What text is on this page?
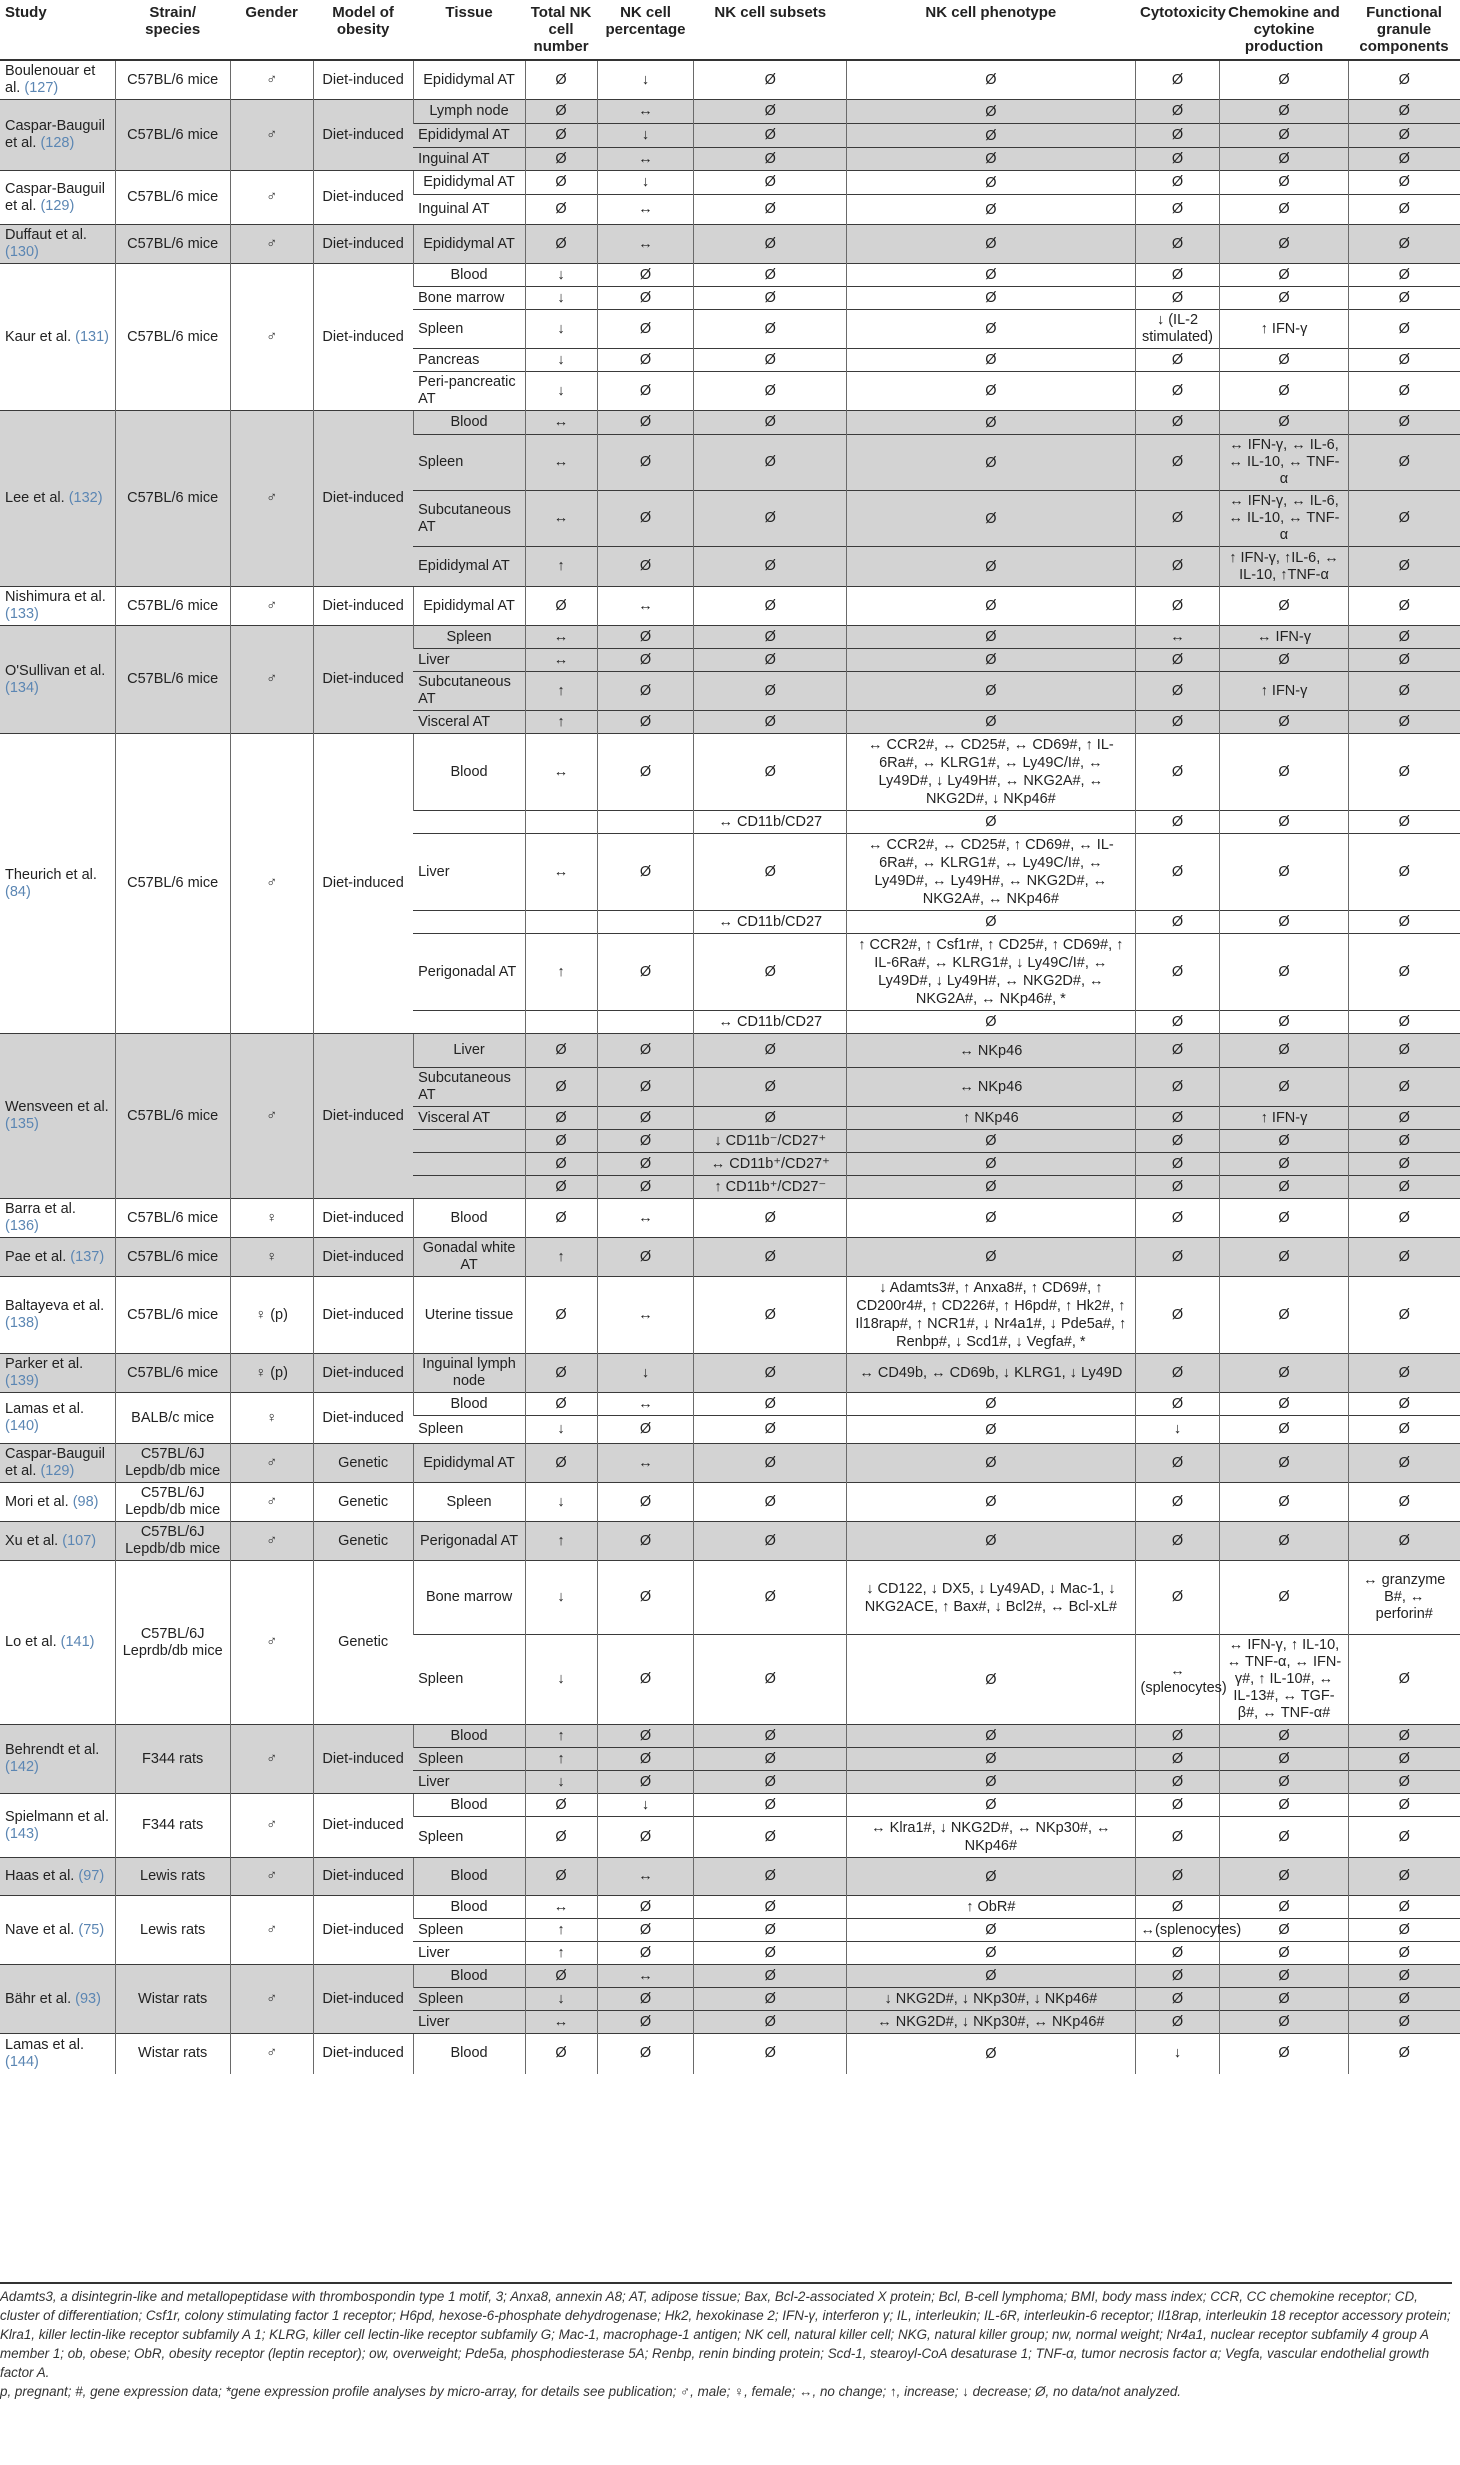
Study	Strain/ species	Gender	Model of obesity	Tissue	Total NK cell number	NK cell percentage	NK cell subsets	NK cell phenotype	Cytotoxicity	Chemokine and cytokine production	Functional granule components
Boulenouar et al. (127)	C57BL/6 mice	♂	Diet-induced	Epididymal AT	Ø	↓	Ø	Ø	Ø	Ø	Ø
Caspar-Bauguil et al. (128)	C57BL/6 mice	♂	Diet-induced	Lymph node	Ø	↔	Ø	Ø	Ø	Ø	Ø
				Epididymal AT	Ø	↓	Ø	Ø	Ø	Ø	Ø
				Inguinal AT	Ø	↔	Ø	Ø	Ø	Ø	Ø
Caspar-Bauguil et al. (129)	C57BL/6 mice	♂	Diet-induced	Epididymal AT	Ø	↓	Ø	Ø	Ø	Ø	Ø
				Inguinal AT	Ø	↔	Ø	Ø	Ø	Ø	Ø
Duffaut et al. (130)	C57BL/6 mice	♂	Diet-induced	Epididymal AT	Ø	↔	Ø	Ø	Ø	Ø	Ø
Kaur et al. (131)	C57BL/6 mice	♂	Diet-induced	Blood	↓	Ø	Ø	Ø	Ø	Ø	Ø
				Bone marrow	↓	Ø	Ø	Ø	Ø	Ø	Ø
				Spleen	↓	Ø	Ø	Ø	↓ (IL-2 stimulated)	↑ IFN-γ	Ø
				Pancreas	↓	Ø	Ø	Ø	Ø	Ø	Ø
				Peri-pancreatic AT	↓	Ø	Ø	Ø	Ø	Ø	Ø
Lee et al. (132)	C57BL/6 mice	♂	Diet-induced	Blood	↔	Ø	Ø	Ø	Ø	Ø	Ø
				Spleen	↔	Ø	Ø	Ø	Ø	↔ IFN-γ, ↔ IL-6, ↔ IL-10, ↔ TNF-α	Ø
				Subcutaneous AT	↔	Ø	Ø	Ø	Ø	↔ IFN-γ, ↔ IL-6, ↔ IL-10, ↔ TNF-α	Ø
				Epididymal AT	↑	Ø	Ø	Ø	Ø	↑ IFN-γ, ↑IL-6, ↔ IL-10, ↑TNF-α	Ø
Nishimura et al. (133)	C57BL/6 mice	♂	Diet-induced	Epididymal AT	Ø	↔	Ø	Ø	Ø	Ø	Ø
O'Sullivan et al. (134)	C57BL/6 mice	♂	Diet-induced	Spleen	↔	Ø	Ø	Ø	↔	↔ IFN-γ	Ø
				Liver	↔	Ø	Ø	Ø	Ø	Ø	Ø
				Subcutaneous AT	↑	Ø	Ø	Ø	Ø	↑ IFN-γ	Ø
				Visceral AT	↑	Ø	Ø	Ø	Ø	Ø	Ø
Theurich et al. (84)	C57BL/6 mice	♂	Diet-induced	Blood	↔	Ø	Ø	↔ CCR2#, ↔ CD25#, ↔ CD69#, ↑ IL-6Ra#, ↔ KLRG1#, ↔ Ly49C/I#, ↔ Ly49D#, ↓ Ly49H#, ↔ NKG2A#, ↔ NKG2D#, ↓ NKp46#	Ø	Ø	Ø
							↔ CD11b/CD27	Ø	Ø	Ø	Ø
				Liver	↔	Ø	Ø	↔ CCR2#, ↔ CD25#, ↑ CD69#, ↔ IL-6Ra#, ↔ KLRG1#, ↔ Ly49C/I#, ↔ Ly49D#, ↔ Ly49H#, ↔ NKG2D#, ↔ NKG2A#, ↔ NKp46#	Ø	Ø	Ø
							↔ CD11b/CD27	Ø	Ø	Ø	Ø
				Perigonadal AT	↑	Ø	Ø	↑ CCR2#, ↑ Csf1r#, ↑ CD25#, ↑ CD69#, ↑ IL-6Ra#, ↔ KLRG1#, ↓ Ly49C/I#, ↔ Ly49D#, ↓ Ly49H#, ↔ NKG2D#, ↔ NKG2A#, ↔ NKp46#, *	Ø	Ø	Ø
							↔ CD11b/CD27	Ø	Ø	Ø	Ø
Wensveen et al. (135)	C57BL/6 mice	♂	Diet-induced	Liver	Ø	Ø	Ø	↔ NKp46	Ø	Ø	Ø
				Subcutaneous AT	Ø	Ø	Ø	↔ NKp46	Ø	Ø	Ø
				Visceral AT	Ø	Ø	Ø	↑ NKp46	Ø	↑ IFN-γ	Ø
					Ø	Ø	↓ CD11b⁻/CD27⁺	Ø	Ø	Ø	Ø
					Ø	Ø	↔ CD11b⁺/CD27⁺	Ø	Ø	Ø	Ø
					Ø	Ø	↑ CD11b⁺/CD27⁻	Ø	Ø	Ø	Ø
Barra et al. (136)	C57BL/6 mice	♀	Diet-induced	Blood	Ø	↔	Ø	Ø	Ø	Ø	Ø
Pae et al. (137)	C57BL/6 mice	♀	Diet-induced	Gonadal white AT	↑	Ø	Ø	Ø	Ø	Ø	Ø
Baltayeva et al. (138)	C57BL/6 mice	♀ (p)	Diet-induced	Uterine tissue	Ø	↔	Ø	↓ Adamts3#, ↑ Anxa8#, ↑ CD69#, ↑ CD200r4#, ↑ CD226#, ↑ H6pd#, ↑ Hk2#, ↑ Il18rap#, ↑ NCR1#, ↓ Nr4a1#, ↓ Pde5a#, ↑ Renbp#, ↓ Scd1#, ↓ Vegfa#, *	Ø	Ø	Ø
Parker et al. (139)	C57BL/6 mice	♀ (p)	Diet-induced	Inguinal lymph node	Ø	↓	Ø	↔ CD49b, ↔ CD69b, ↓ KLRG1, ↓ Ly49D	Ø	Ø	Ø
Lamas et al. (140)	BALB/c mice	♀	Diet-induced	Blood	Ø	↔	Ø	Ø	Ø	Ø	Ø
				Spleen	↓	Ø	Ø	Ø	↓	Ø	Ø
Caspar-Bauguil et al. (129)	C57BL/6J Lepdb/db mice	♂	Genetic	Epididymal AT	Ø	↔	Ø	Ø	Ø	Ø	Ø
Mori et al. (98)	C57BL/6J Lepdb/db mice	♂	Genetic	Spleen	↓	Ø	Ø	Ø	Ø	Ø	Ø
Xu et al. (107)	C57BL/6J Lepdb/db mice	♂	Genetic	Perigonadal AT	↑	Ø	Ø	Ø	Ø	Ø	Ø
Lo et al. (141)	C57BL/6J Leprdb/db mice	♂	Genetic	Bone marrow	↓	Ø	Ø	↓ CD122, ↓ DX5, ↓ Ly49AD, ↓ Mac-1, ↓ NKG2ACE, ↑ Bax#, ↓ Bcl2#, ↔ Bcl-xL#	Ø	Ø	↔ granzyme B#, ↔ perforin#
				Spleen	↓	Ø	Ø	Ø	↔ (splenocytes)	↔ IFN-γ, ↑ IL-10, ↔ TNF-α, ↔ IFN-γ#, ↑ IL-10#, ↔ IL-13#, ↔ TGF-β#, ↔ TNF-α#	Ø
Behrendt et al. (142)	F344 rats	♂	Diet-induced	Blood	↑	Ø	Ø	Ø	Ø	Ø	Ø
				Spleen	↑	Ø	Ø	Ø	Ø	Ø	Ø
				Liver	↓	Ø	Ø	Ø	Ø	Ø	Ø
Spielmann et al. (143)	F344 rats	♂	Diet-induced	Blood	Ø	↓	Ø	Ø	Ø	Ø	Ø
				Spleen	Ø	Ø	Ø	↔ Klra1#, ↓ NKG2D#, ↔ NKp30#, ↔ NKp46#	Ø	Ø	Ø
Haas et al. (97)	Lewis rats	♂	Diet-induced	Blood	Ø	↔	Ø	Ø	Ø	Ø	Ø
Nave et al. (75)	Lewis rats	♂	Diet-induced	Blood	↔	Ø	Ø	↑ ObR#	Ø	Ø	Ø
				Spleen	↑	Ø	Ø	Ø	↔(splenocytes)	Ø	Ø
				Liver	↑	Ø	Ø	Ø	Ø	Ø	Ø
Bähr et al. (93)	Wistar rats	♂	Diet-induced	Blood	Ø	↔	Ø	Ø	Ø	Ø	Ø
				Spleen	↓	Ø	Ø	↓ NKG2D#, ↓ NKp30#, ↓ NKp46#	Ø	Ø	Ø
				Liver	↔	Ø	Ø	↔ NKG2D#, ↓ NKp30#, ↔ NKp46#	Ø	Ø	Ø
Lamas et al. (144)	Wistar rats	♂	Diet-induced	Blood	Ø	Ø	Ø	Ø	↓	Ø	Ø
Adamts3, a disintegrin-like and metallopeptidase with thrombospondin type 1 motif, 3; Anxa8, annexin A8; AT, adipose tissue; Bax, Bcl-2-associated X protein; Bcl, B-cell lymphoma; BMI, body mass index; CCR, CC chemokine receptor; CD, cluster of differentiation; Csf1r, colony stimulating factor 1 receptor; H6pd, hexose-6-phosphate dehydrogenase; Hk2, hexokinase 2; IFN-γ, interferon γ; IL, interleukin; IL-6R, interleukin-6 receptor; Il18rap, interleukin 18 receptor accessory protein; Klra1, killer lectin-like receptor subfamily A 1; KLRG, killer cell lectin-like receptor subfamily G; Mac-1, macrophage-1 antigen; NK cell, natural killer cell; NKG, natural killer group; nw, normal weight; Nr4a1, nuclear receptor subfamily 4 group A member 1; ob, obese; ObR, obesity receptor (leptin receptor); ow, overweight; Pde5a, phosphodiesterase 5A; Renbp, renin binding protein; Scd-1, stearoyl-CoA desaturase 1; TNF-α, tumor necrosis factor α; Vegfa, vascular endothelial growth factor A.
p, pregnant; #, gene expression data; *gene expression profile analyses by micro-array, for details see publication; ♂, male; ♀, female; ↔, no change; ↑, increase; ↓ decrease; Ø, no data/not analyzed.
